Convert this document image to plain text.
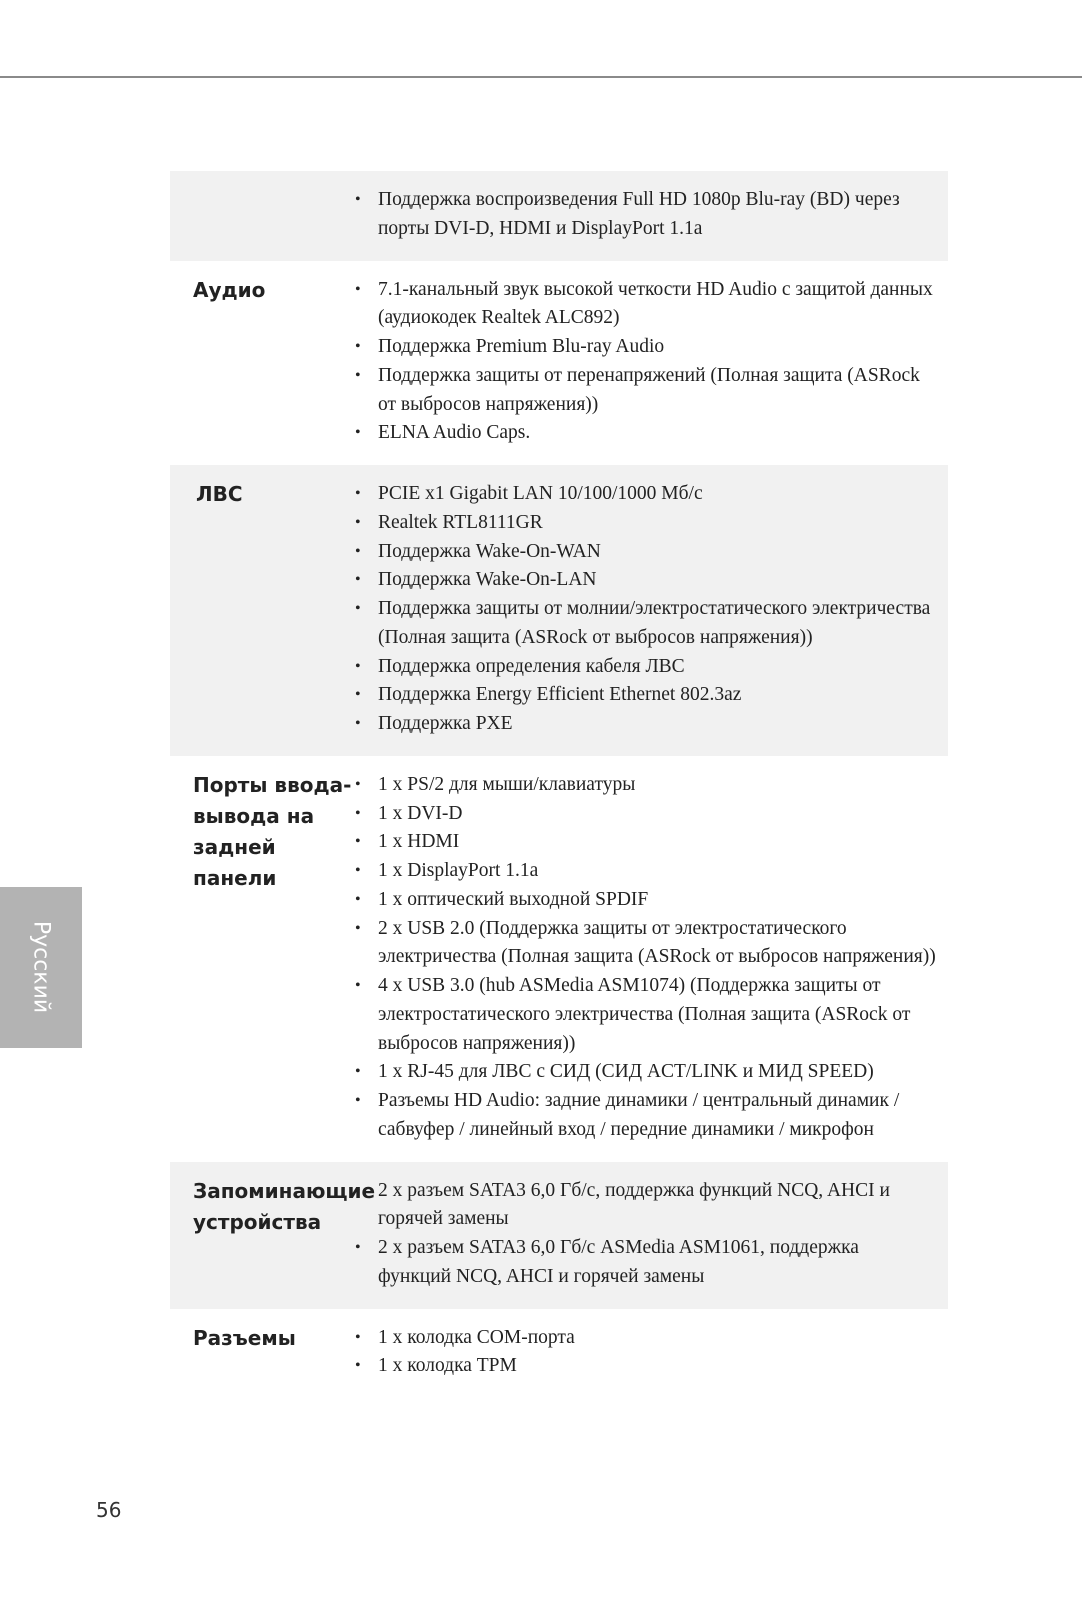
• Поддержка воспроизведения Full HD 1080p Blu-ray (BD) через порты DVI-D, HDMI и DisplayPort 1.1a
Аудио	• 7.1-канальный звук высокой четкости HD Audio с защитой данных (аудиокодек Realtek ALC892)
• Поддержка Premium Blu-ray Audio
• Поддержка защиты от перенапряжений (Полная защита (ASRock от выбросов напряжения))
• ELNA Audio Caps.
ЛВС	• PCIE x1 Gigabit LAN 10/100/1000 Мб/с
• Realtek RTL8111GR
• Поддержка Wake-On-WAN
• Поддержка Wake-On-LAN
• Поддержка защиты от молнии/электростатического электричества (Полная защита (ASRock от выбросов напряжения))
• Поддержка определения кабеля ЛВС
• Поддержка Energy Efficient Ethernet 802.3az
• Поддержка PXE
Порты ввода-вывода на задней панели
• 1 x PS/2 для мыши/клавиатуры
• 1 x DVI-D
• 1 x HDMI
• 1 x DisplayPort 1.1a
• 1 x оптический выходной SPDIF
• 2 x USB 2.0 (Поддержка защиты от электростатического электричества (Полная защита (ASRock от выбросов напряжения))
• 4 x USB 3.0 (hub ASMedia ASM1074) (Поддержка защиты от электростатического электричества (Полная защита (ASRock от выбросов напряжения))
• 1 x RJ-45 для ЛВС с СИД (СИД ACT/LINK и МИД SPEED)
• Разъемы HD Audio: задние динамики / центральный динамик / сабвуфер / линейный вход / передние динамики / микрофон
Запоминающие устройства
• 2 x разъем SATA3 6,0 Гб/с, поддержка функций NCQ, AHCI и горячей замены
• 2 x разъем SATA3 6,0 Гб/с ASMedia ASM1061, поддержка функций NCQ, AHCI и горячей замены
Разъемы	• 1 x колодка COM-порта
• 1 x колодка TPM
Русский
56
